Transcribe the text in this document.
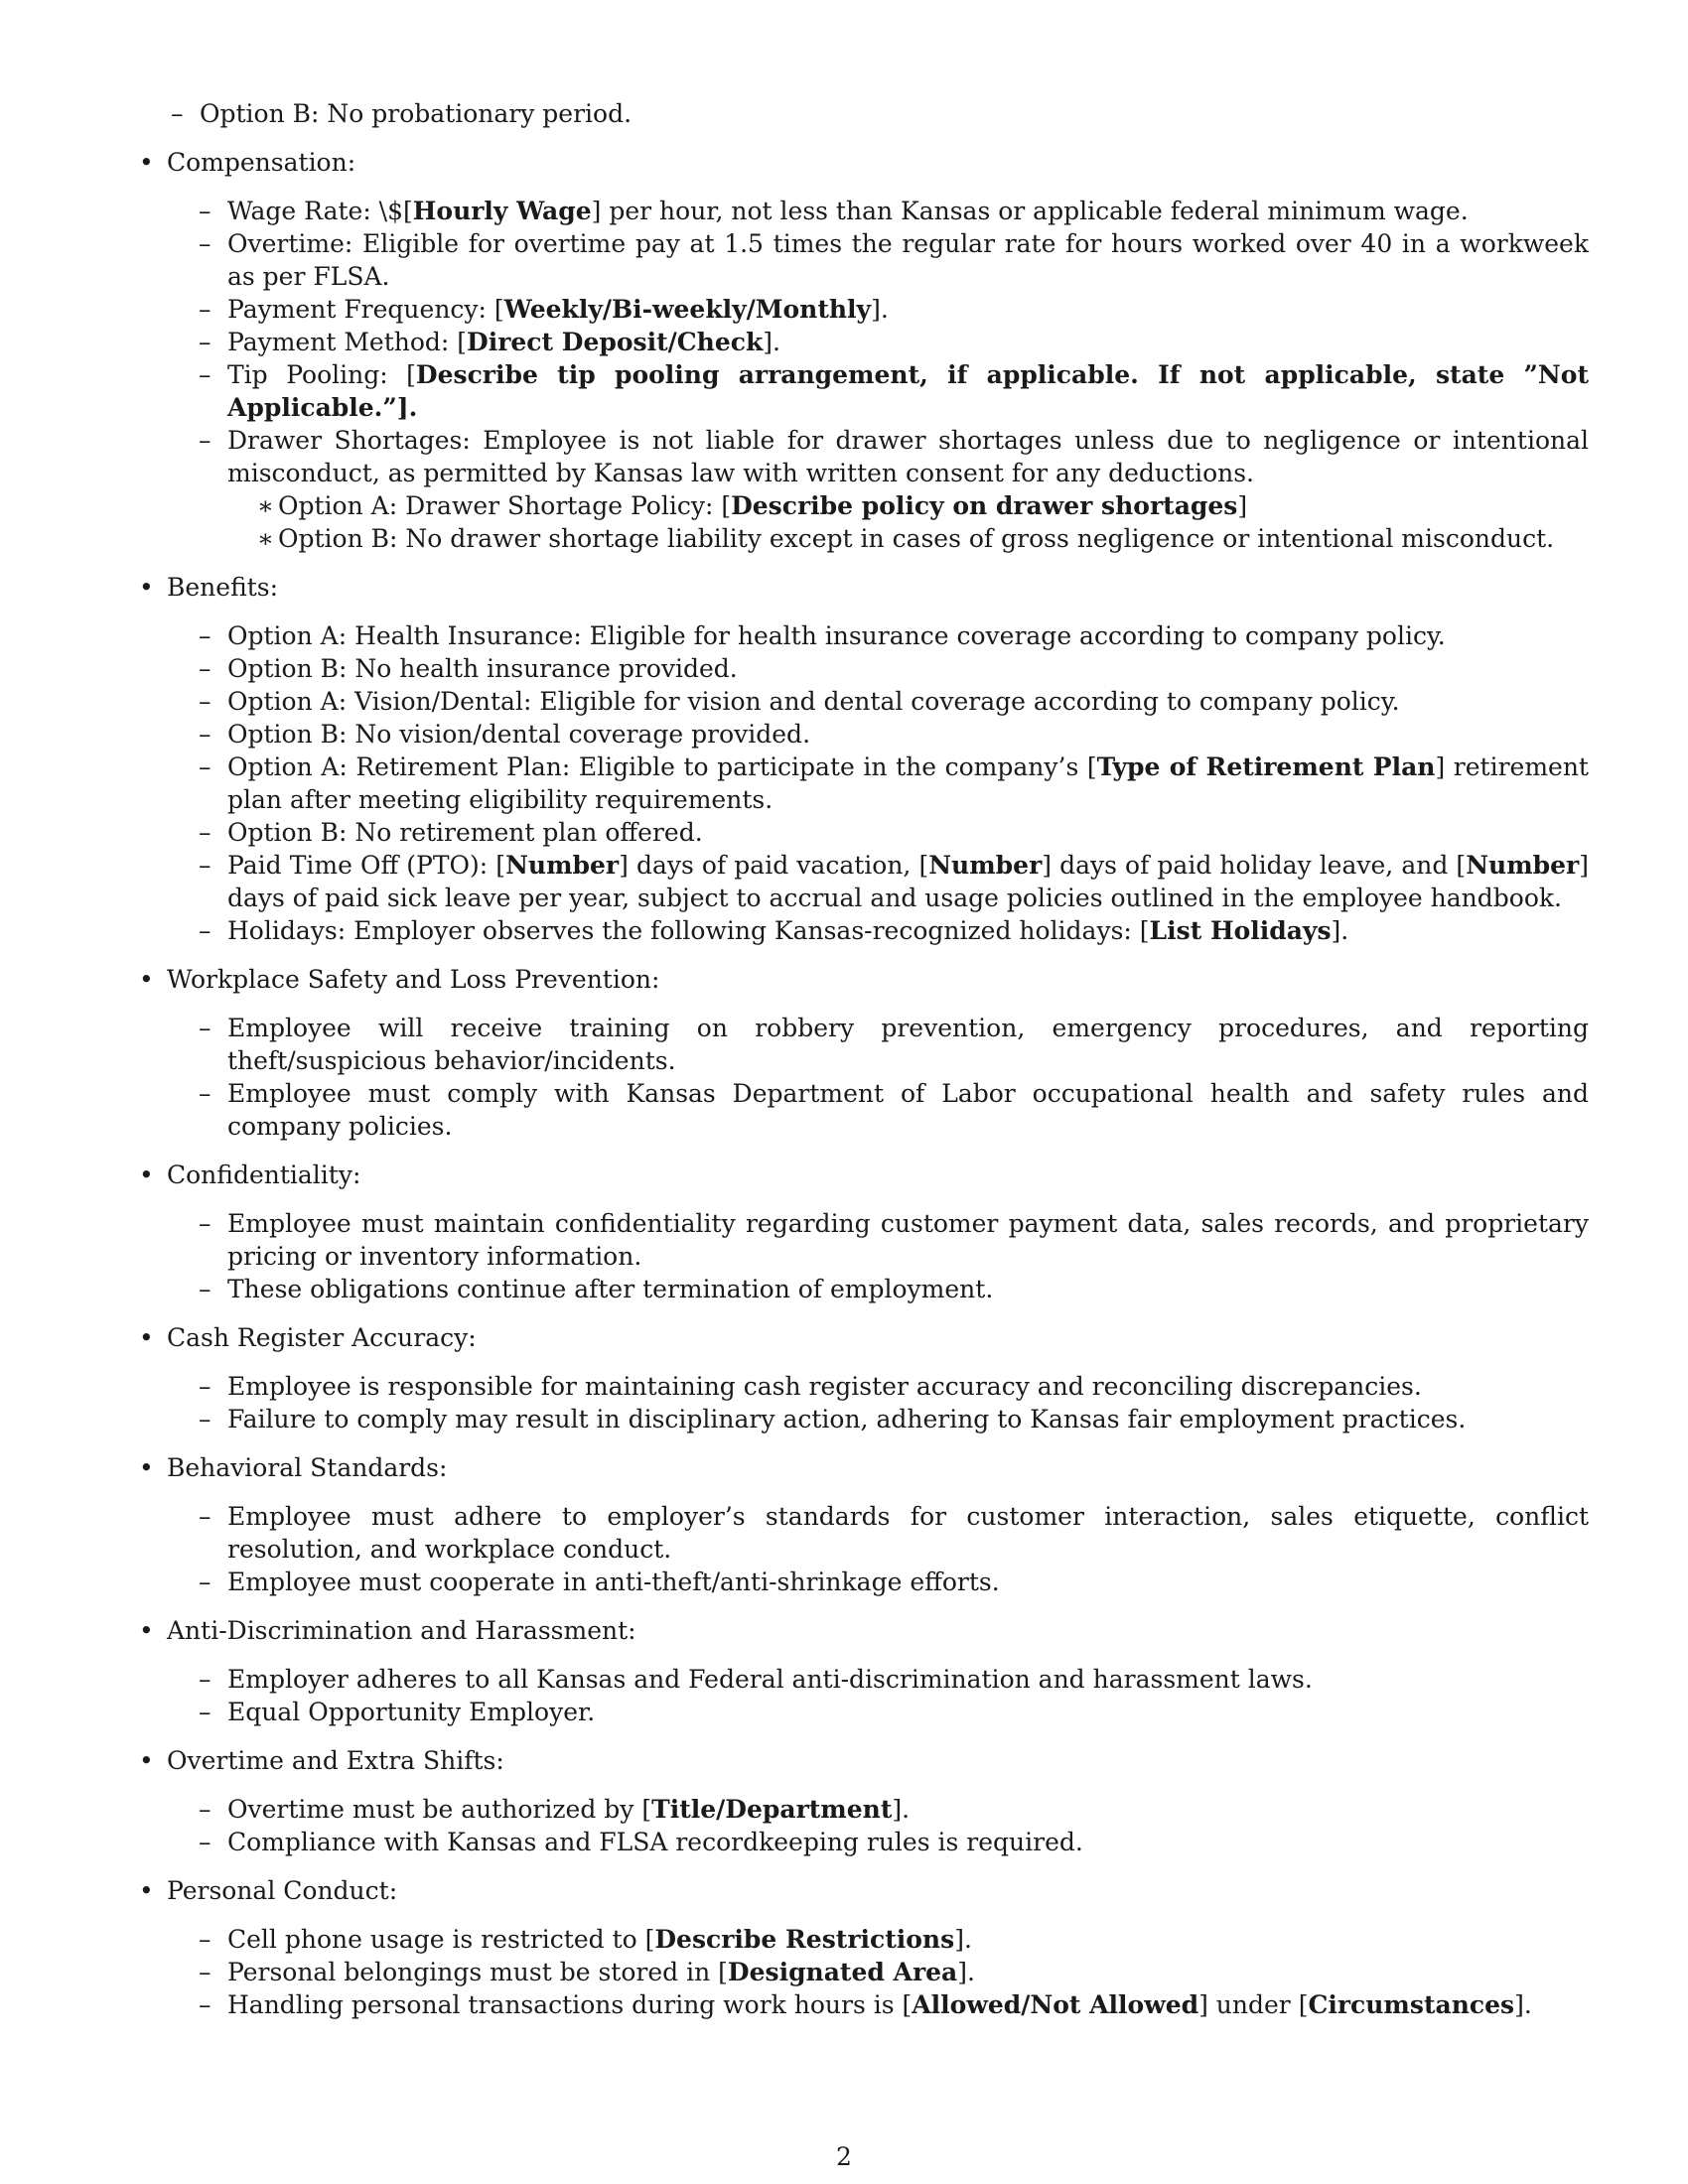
– Option B: No probationary period.
• Compensation:
– Wage Rate: \$[Hourly Wage] per hour, not less than Kansas or applicable federal minimum wage.
– Overtime: Eligible for overtime pay at 1.5 times the regular rate for hours worked over 40 in a workweek as per FLSA.
– Payment Frequency: [Weekly/Bi-weekly/Monthly].
– Payment Method: [Direct Deposit/Check].
– Tip Pooling: [Describe tip pooling arrangement, if applicable. If not applicable, state ”Not Applicable.”].
– Drawer Shortages: Employee is not liable for drawer shortages unless due to negligence or intentional misconduct, as permitted by Kansas law with written consent for any deductions.
∗ Option A: Drawer Shortage Policy: [Describe policy on drawer shortages]
∗ Option B: No drawer shortage liability except in cases of gross negligence or intentional misconduct.
• Benefits:
– Option A: Health Insurance: Eligible for health insurance coverage according to company policy.
– Option B: No health insurance provided.
– Option A: Vision/Dental: Eligible for vision and dental coverage according to company policy.
– Option B: No vision/dental coverage provided.
– Option A: Retirement Plan: Eligible to participate in the company’s [Type of Retirement Plan] retirement plan after meeting eligibility requirements.
– Option B: No retirement plan offered.
– Paid Time Off (PTO): [Number] days of paid vacation, [Number] days of paid holiday leave, and [Number] days of paid sick leave per year, subject to accrual and usage policies outlined in the employee handbook.
– Holidays: Employer observes the following Kansas-recognized holidays: [List Holidays].
• Workplace Safety and Loss Prevention:
– Employee will receive training on robbery prevention, emergency procedures, and reporting theft/suspicious behavior/incidents.
– Employee must comply with Kansas Department of Labor occupational health and safety rules and company policies.
• Confidentiality:
– Employee must maintain confidentiality regarding customer payment data, sales records, and proprietary pricing or inventory information.
– These obligations continue after termination of employment.
• Cash Register Accuracy:
– Employee is responsible for maintaining cash register accuracy and reconciling discrepancies.
– Failure to comply may result in disciplinary action, adhering to Kansas fair employment practices.
• Behavioral Standards:
– Employee must adhere to employer’s standards for customer interaction, sales etiquette, conflict resolution, and workplace conduct.
– Employee must cooperate in anti-theft/anti-shrinkage efforts.
• Anti-Discrimination and Harassment:
– Employer adheres to all Kansas and Federal anti-discrimination and harassment laws.
– Equal Opportunity Employer.
• Overtime and Extra Shifts:
– Overtime must be authorized by [Title/Department].
– Compliance with Kansas and FLSA recordkeeping rules is required.
• Personal Conduct:
– Cell phone usage is restricted to [Describe Restrictions].
– Personal belongings must be stored in [Designated Area].
– Handling personal transactions during work hours is [Allowed/Not Allowed] under [Circumstances].
2
